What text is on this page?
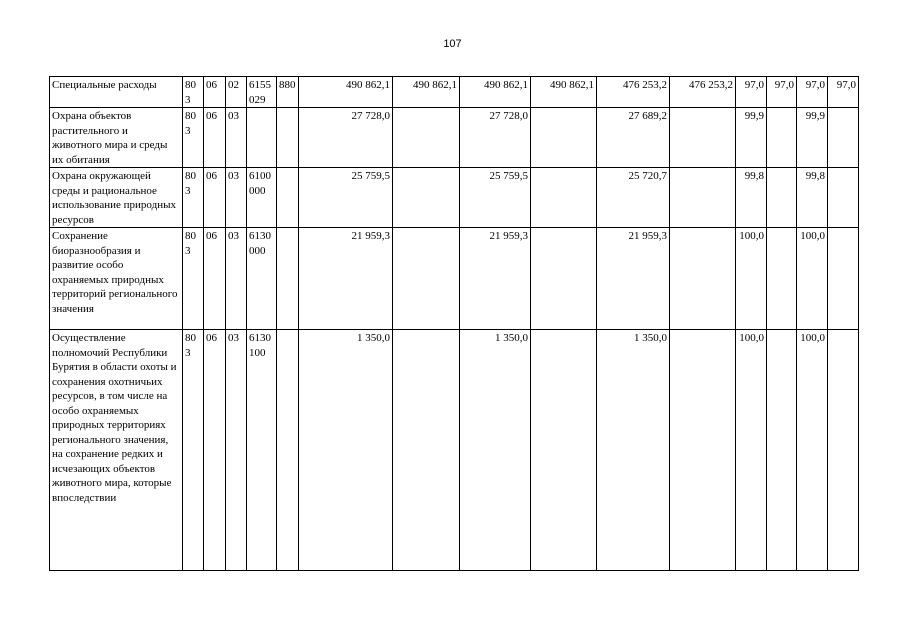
107
Специальные расходы	803	06	02	6155 029	880	490 862,1	490 862,1	490 862,1	490 862,1	476 253,2	476 253,2	97,0	97,0	97,0	97,0
Охрана объектов растительного и животного мира и среды их обитания	803	06	03			27 728,0		27 728,0		27 689,2		99,9		99,9	
Охрана окружающей среды и рациональное использование природных ресурсов	803	06	03	6100 000		25 759,5		25 759,5		25 720,7		99,8		99,8	
Сохранение биоразнообразия и развитие особо охраняемых природных территорий регионального значения	803	06	03	6130 000		21 959,3		21 959,3		21 959,3		100,0		100,0	
Осуществление полномочий Республики Бурятия в области охоты и сохранения охотничьих ресурсов, в том числе на особо охраняемых природных территориях регионального значения, на сохранение редких и исчезающих объектов животного мира, которые впоследствии	803	06	03	6130 100		1 350,0		1 350,0		1 350,0		100,0		100,0	
